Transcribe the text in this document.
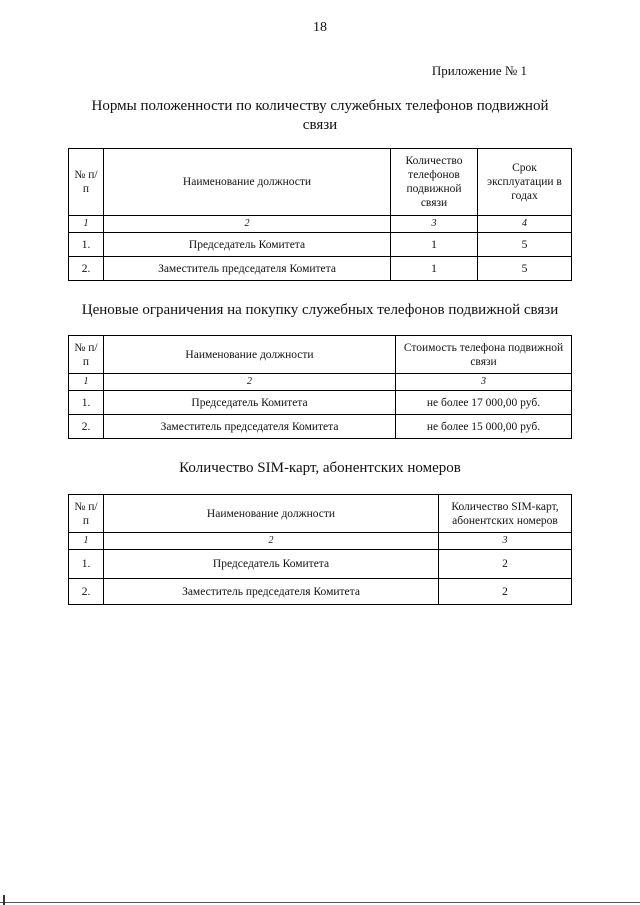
18
Приложение № 1
Нормы положенности по количеству служебных телефонов подвижной
связи
№ п/п	Наименование должности	Количество телефонов подвижной связи	Срок эксплуатации в годах
1	2	3	4
1.	Председатель Комитета	1	5
2.	Заместитель председателя Комитета	1	5
Ценовые ограничения на покупку служебных телефонов подвижной связи
№ п/п	Наименование должности	Стоимость телефона подвижной связи
1	2	3
1.	Председатель Комитета	не более 17 000,00 руб.
2.	Заместитель председателя Комитета	не более 15 000,00 руб.
Количество SIM-карт, абонентских номеров
№ п/п	Наименование должности	Количество SIM-карт, абонентских номеров
1	2	3
1.	Председатель Комитета	2
2.	Заместитель председателя Комитета	2
